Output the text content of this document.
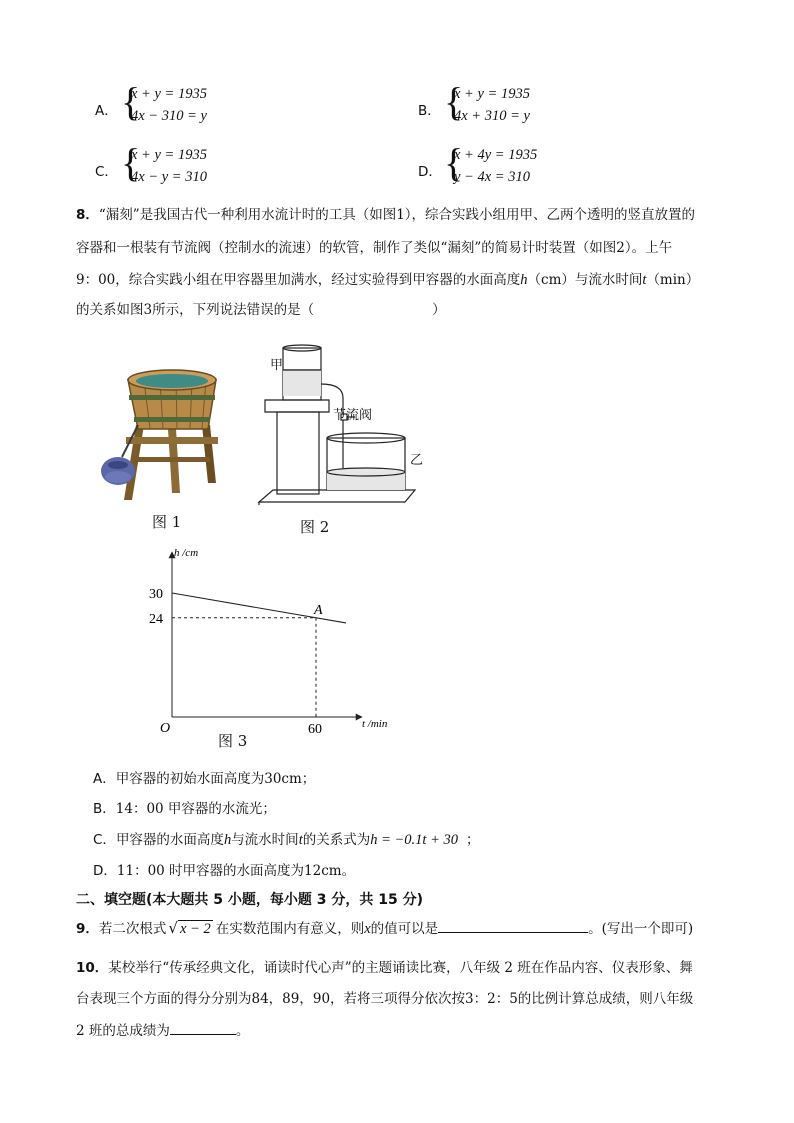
A． {
x + y = 1935
4x − 310 = y	B． {
x + y = 1935
4x + 310 = y
C． {
x + y = 1935
4x − y = 310	D． {
x + 4y = 1935
y − 4x = 310
8．“漏刻”是我国古代一种利用水流计时的工具（如图1），综合实践小组用甲、乙两个透明的竖直放置的
容器和一根装有节流阀（控制水的流速）的软管，制作了类似“漏刻”的简易计时装置（如图2）。上午
9：00，综合实践小组在甲容器里加满水，经过实验得到甲容器的水面高度h（cm）与流水时间t（min）
的关系如图3所示，下列说法错误的是（	）
图 1
甲
节流阀
乙
图 2
h /cm
t /min
O
30
24
60
A
图 3
A．甲容器的初始水面高度为30cm；
B．14：00 甲容器的水流光；
C．甲容器的水面高度h与流水时间t的关系式为h = −0.1t + 30 ；
D．11：00 时甲容器的水面高度为12cm。
二、填空题(本大题共 5 小题，每小题 3 分，共 15 分)
9．若二次根式 √ x − 2 在实数范围内有意义，则x的值可以是	。(写出一个即可)
10．某校举行“传承经典文化，诵读时代心声”的主题诵读比赛，八年级 2 班在作品内容、仪表形象、舞
台表现三个方面的得分分别为84，89，90，若将三项得分依次按3：2：5的比例计算总成绩，则八年级
2 班的总成绩为	。
